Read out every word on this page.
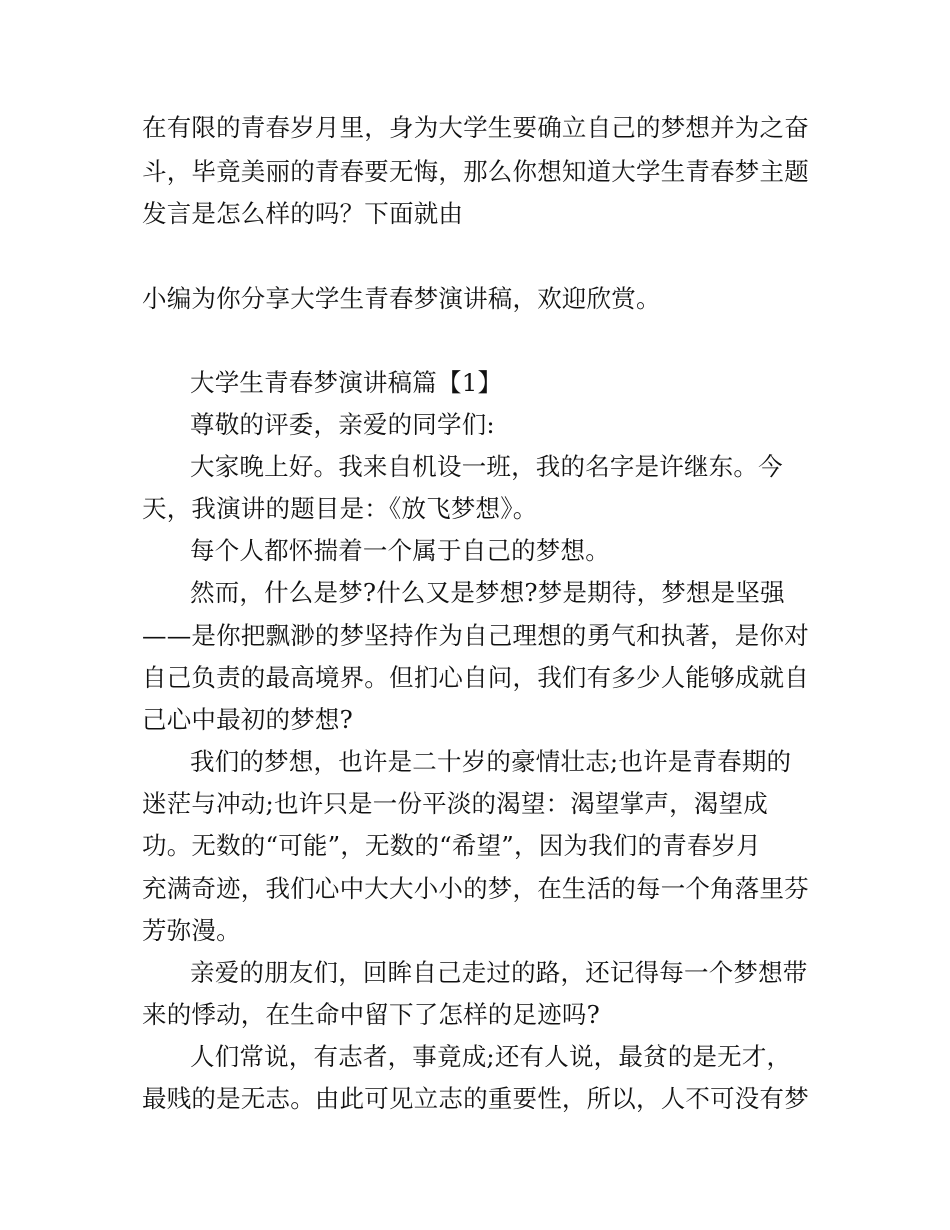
在有限的青春岁月里，身为大学生要确立自己的梦想并为之奋
斗，毕竟美丽的青春要无悔，那么你想知道大学生青春梦主题
发言是怎么样的吗？下面就由
小编为你分享大学生青春梦演讲稿，欢迎欣赏。
大学生青春梦演讲稿篇【1】
尊敬的评委，亲爱的同学们:
大家晚上好。我来自机设一班，我的名字是许继东。今
天，我演讲的题目是：《放飞梦想》。
每个人都怀揣着一个属于自己的梦想。
然而，什么是梦?什么又是梦想?梦是期待，梦想是坚强
——是你把飘渺的梦坚持作为自己理想的勇气和执著，是你对
自己负责的最高境界。但扪心自问，我们有多少人能够成就自
己心中最初的梦想?
我们的梦想，也许是二十岁的豪情壮志;也许是青春期的
迷茫与冲动;也许只是一份平淡的渴望：渴望掌声，渴望成
功。无数的“可能”，无数的“希望”，因为我们的青春岁月
充满奇迹，我们心中大大小小的梦，在生活的每一个角落里芬
芳弥漫。
亲爱的朋友们，回眸自己走过的路，还记得每一个梦想带
来的悸动，在生命中留下了怎样的足迹吗?
人们常说，有志者，事竟成;还有人说，最贫的是无才，
最贱的是无志。由此可见立志的重要性，所以，人不可没有梦
